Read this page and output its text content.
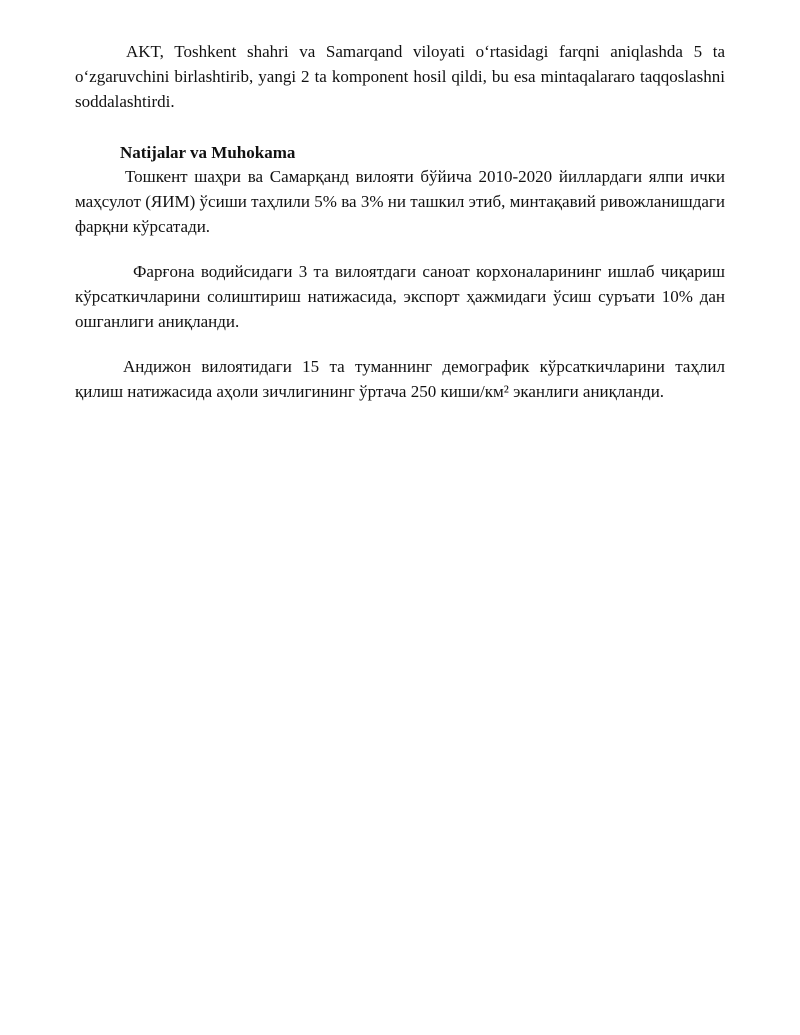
AKT, Toshkent shahri va Samarqand viloyati oʻrtasidagi farqni aniqlashda 5 ta oʻzgaruvchini birlashtirib, yangi 2 ta komponent hosil qildi, bu esa mintaqalararo taqqoslashni soddalashtirdi.

Natijalar va Muhokama

Тошкент шаҳри ва Самарқанд вилояти бўйича 2010-2020 йиллардаги ялпи ички маҳсулот (ЯИМ) ўсиши таҳлили 5% ва 3% ни ташкил этиб, минтақавий ривожланишдаги фарқни кўрсатади.

Фарғона водийсидаги 3 та вилоятдаги саноат корхоналарининг ишлаб чиқариш кўрсаткичларини солиштириш натижасида, экспорт ҳажмидаги ўсиш суръати 10% дан ошганлиги аниқланди.

Андижон вилоятидаги 15 та туманнинг демографик кўрсаткичларини таҳлил қилиш натижасида аҳоли зичлигининг ўртача 250 киши/км² эканлиги аниқланди.
